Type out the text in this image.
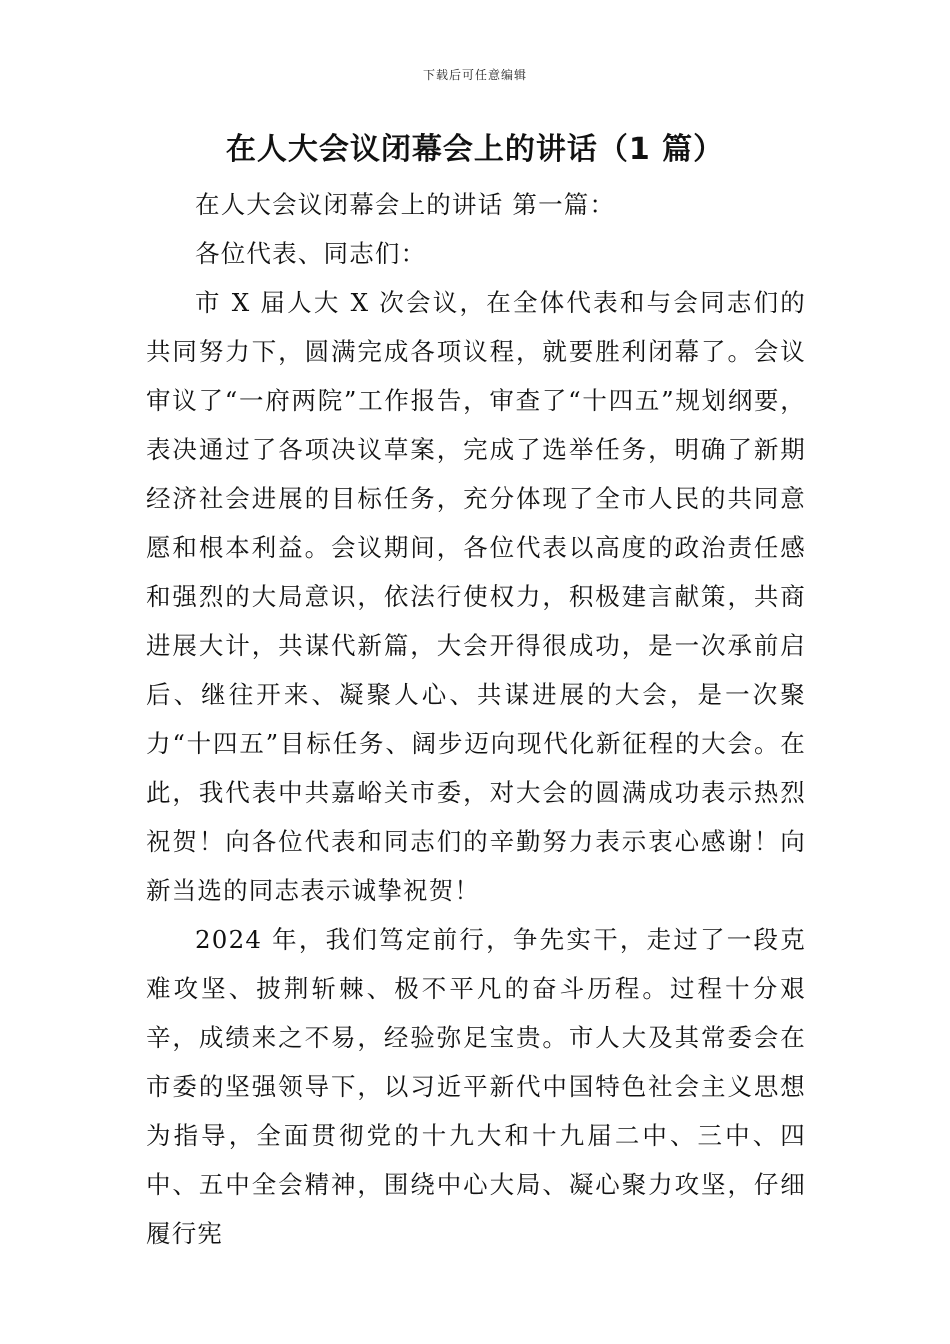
下载后可任意编辑
在人大会议闭幕会上的讲话（1 篇）

在人大会议闭幕会上的讲话 第一篇：

各位代表、同志们：

市 X 届人大 X 次会议，在全体代表和与会同志们的共同努力下，圆满完成各项议程，就要胜利闭幕了。会议审议了“一府两院”工作报告，审查了“十四五”规划纲要，表决通过了各项决议草案，完成了选举任务，明确了新期经济社会进展的目标任务，充分体现了全市人民的共同意愿和根本利益。会议期间，各位代表以高度的政治责任感和强烈的大局意识，依法行使权力，积极建言献策，共商进展大计，共谋代新篇，大会开得很成功，是一次承前启后、继往开来、凝聚人心、共谋进展的大会，是一次聚力“十四五”目标任务、阔步迈向现代化新征程的大会。在此，我代表中共嘉峪关市委，对大会的圆满成功表示热烈祝贺！向各位代表和同志们的辛勤努力表示衷心感谢！向新当选的同志表示诚挚祝贺！

2024 年，我们笃定前行，争先实干，走过了一段克难攻坚、披荆斩棘、极不平凡的奋斗历程。过程十分艰辛，成绩来之不易，经验弥足宝贵。市人大及其常委会在市委的坚强领导下，以习近平新代中国特色社会主义思想为指导，全面贯彻党的十九大和十九届二中、三中、四中、五中全会精神，围绕中心大局、凝心聚力攻坚，仔细履行宪
